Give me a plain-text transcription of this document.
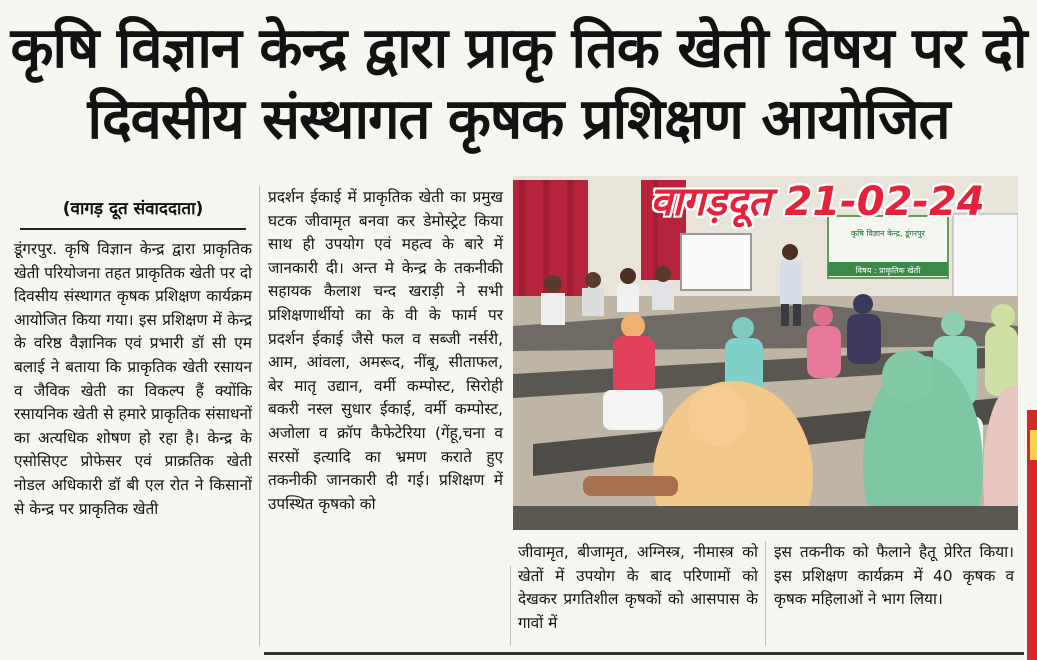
कृषि विज्ञान केन्द्र द्वारा प्राकृ तिक खेती विषय पर दो
दिवसीय संस्थागत कृषक प्रशिक्षण आयोजित
(वागड़ दूत संवाददाता)

डूंगरपुर. कृषि विज्ञान केन्द्र द्वारा प्राकृतिक खेती परियोजना तहत प्राकृतिक खेती पर दो दिवसीय संस्थागत कृषक प्रशिक्षण कार्यक्रम आयोजित किया गया। इस प्रशिक्षण में केन्द्र के वरिष्ठ वैज्ञानिक एवं प्रभारी डॉ सी एम बलाई ने बताया कि प्राकृतिक खेती रसायन व जैविक खेती का विकल्प हैं क्योंकि रसायनिक खेती से हमारे प्राकृतिक संसाधनों का अत्यधिक शोषण हो रहा है। केन्द्र के एसोसिएट प्रोफेसर एवं प्राक्रतिक खेती नोडल अधिकारी डॉ बी एल रोत ने किसानों से केन्द्र पर प्राकृतिक खेती

प्रदर्शन ईकाई में प्राकृतिक खेती का प्रमुख घटक जीवामृत बनवा कर डेमोस्ट्रेट किया साथ ही उपयोग एवं महत्व के बारे में जानकारी दी। अन्त मे केन्द्र के तकनीकी सहायक कैलाश चन्द खराड़ी ने सभी प्रशिक्षणार्थीयो का के वी के फार्म पर प्रदर्शन ईकाई जैसे फल व सब्जी नर्सरी, आम, आंवला, अमरूद, नींबू, सीताफल, बेर मातृ उद्यान, वर्मी कम्पोस्ट, सिरोही बकरी नस्ल सुधार ईकाई, वर्मी कम्पोस्ट, अजोला व क्रॉप कैफेटेरिया (गेंहू,चना व सरसों इत्यादि का भ्रमण कराते हुए तकनीकी जानकारी दी गई। प्रशिक्षण में उपस्थित कृषको को

जीवामृत, बीजामृत, अग्निस्त्र, नीमास्त्र को खेतों में उपयोग के बाद परिणामों को देखकर प्रगतिशील कृषकों को आसपास के गावों में

इस तकनीक को फैलाने हैतू प्रेरित किया। इस प्रशिक्षण कार्यक्रम में 40 कृषक व कृषक महिलाओं ने भाग लिया।

कृषि विज्ञान केन्द्र, डूंगरपुर
विषय : प्राकृतिक खेती
वागड़दूत 21-02-24
